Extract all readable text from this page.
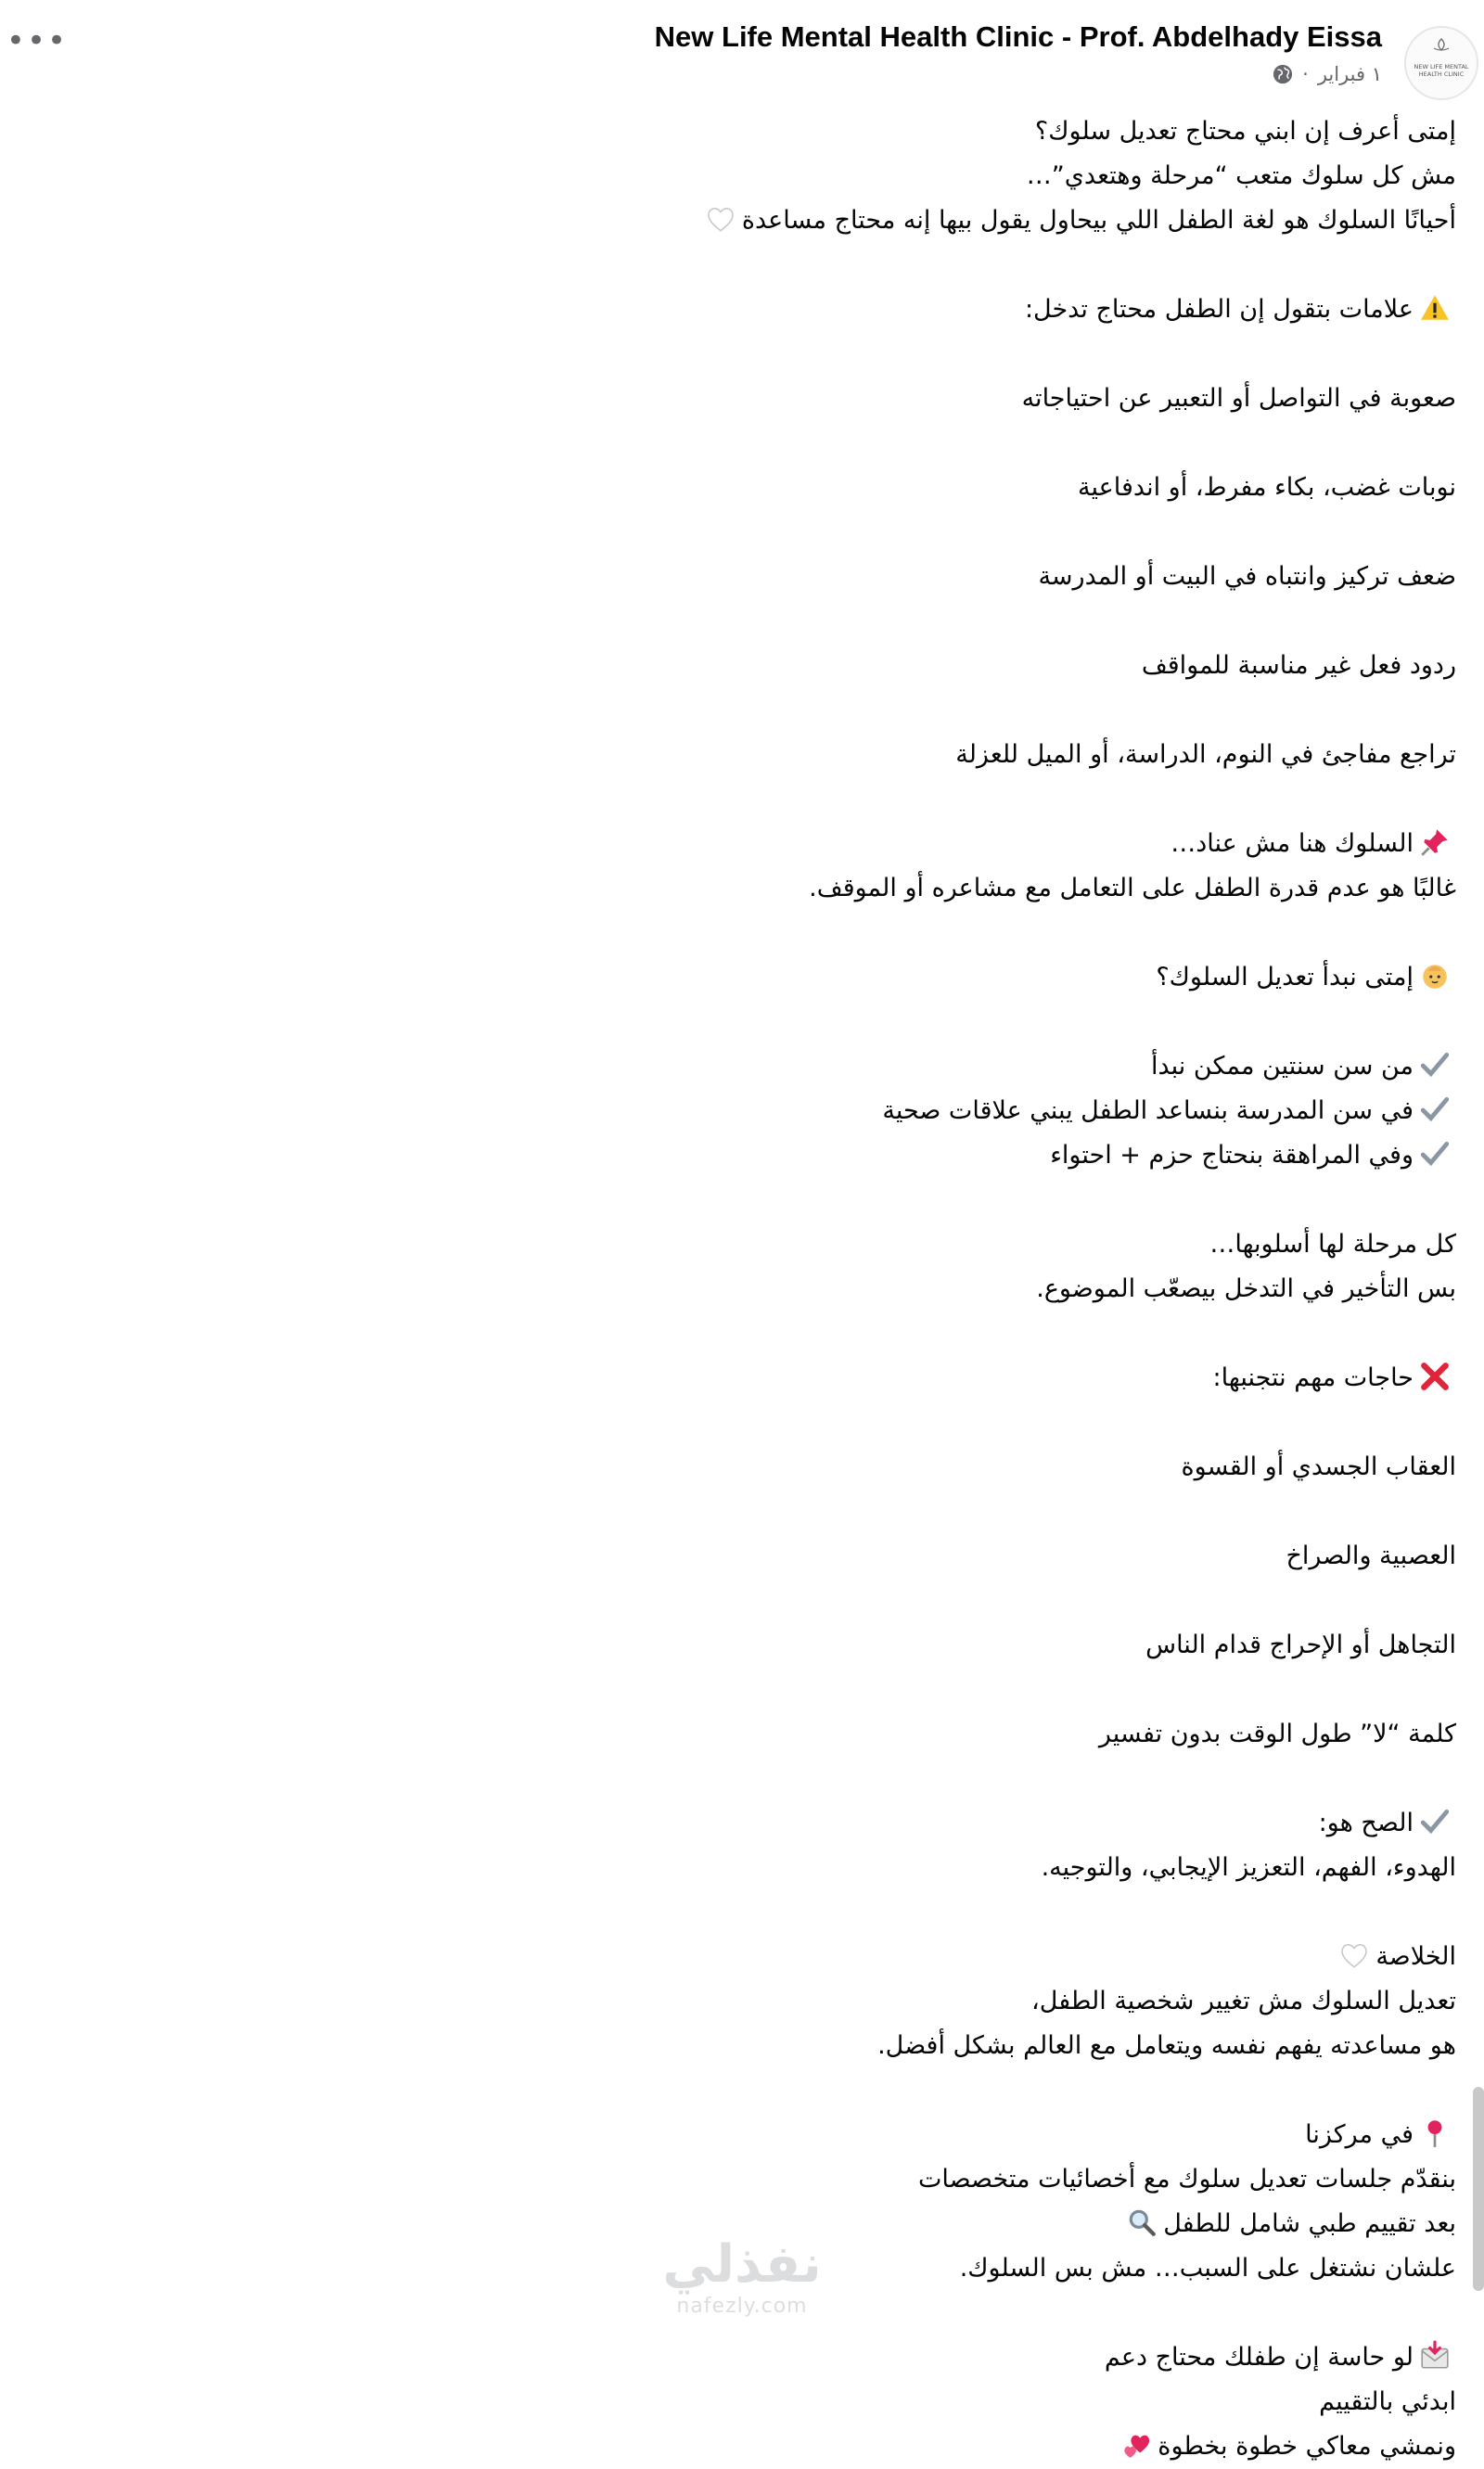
•••	New Life Mental Health Clinic - Prof. Abdelhady Eissa
١ فبراير
·	NEW LIFE MENTAL
HEALTH CLINIC
إمتى أعرف إن ابني محتاج تعديل سلوك؟
مش كل سلوك متعب “مرحلة وهتعدي”…
أحيانًا السلوك هو لغة الطفل اللي بيحاول يقول بيها إنه محتاج مساعدة
علامات بتقول إن الطفل محتاج تدخل:
صعوبة في التواصل أو التعبير عن احتياجاته
نوبات غضب، بكاء مفرط، أو اندفاعية
ضعف تركيز وانتباه في البيت أو المدرسة
ردود فعل غير مناسبة للمواقف
تراجع مفاجئ في النوم، الدراسة، أو الميل للعزلة
السلوك هنا مش عناد…
غالبًا هو عدم قدرة الطفل على التعامل مع مشاعره أو الموقف.
إمتى نبدأ تعديل السلوك؟
من سن سنتين ممكن نبدأ
في سن المدرسة بنساعد الطفل يبني علاقات صحية
وفي المراهقة بنحتاج حزم + احتواء
كل مرحلة لها أسلوبها…
بس التأخير في التدخل بيصعّب الموضوع.
حاجات مهم نتجنبها:
العقاب الجسدي أو القسوة
العصبية والصراخ
التجاهل أو الإحراج قدام الناس
كلمة “لا” طول الوقت بدون تفسير
الصح هو:
الهدوء، الفهم، التعزيز الإيجابي، والتوجيه.
الخلاصة
تعديل السلوك مش تغيير شخصية الطفل،
هو مساعدته يفهم نفسه ويتعامل مع العالم بشكل أفضل.
في مركزنا
بنقدّم جلسات تعديل سلوك مع أخصائيات متخصصات
بعد تقييم طبي شامل للطفل
علشان نشتغل على السبب… مش بس السلوك.
لو حاسة إن طفلك محتاج دعم
ابدئي بالتقييم
ونمشي معاكي خطوة بخطوة
نفذلي
nafezly.com
